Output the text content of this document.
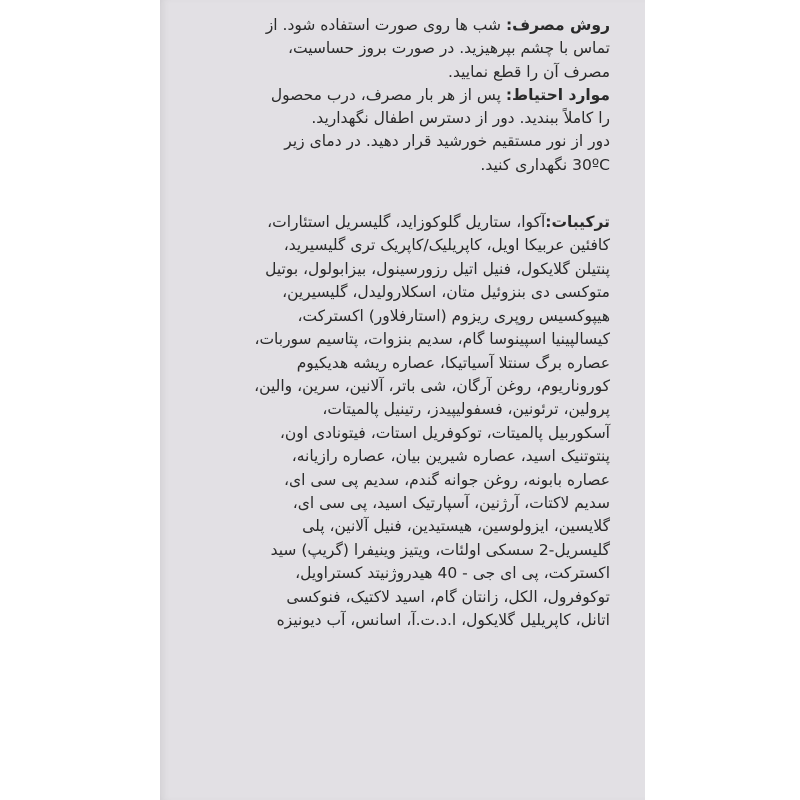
روش مصرف: شب ها روی صورت استفاده شود. از
تماس با چشم بپرهیزید. در صورت بروز حساسیت،
مصرف آن را قطع نمایید.
موارد احتیاط: پس از هر بار مصرف، درب محصول
را کاملاً ببندید. دور از دسترس اطفال نگهدارید.
دور از نور مستقیم خورشید قرار دهید. در دمای زیر
30ºC نگهداری کنید.
ترکیبات:آکوا، ستاریل گلوکوزاید، گلیسریل استئارات،
کافئین عربیکا اویل، کاپریلیک/کاپریک تری گلیسیرید،
پنتیلن گلایکول، فنیل اتیل رزورسینول، بیزابولول، بوتیل
متوکسی دی بنزوئیل متان، اسکلارولیدل، گلیسیرین،
هیپوکسیس روپری ریزوم (استارفلاور) اکسترکت،
کیسالپینیا اسپینوسا گام، سدیم بنزوات، پتاسیم سوربات،
عصاره برگ سنتلا آسیاتیکا، عصاره ریشه هدیکیوم
کوروناریوم، روغن آرگان، شی باتر، آلانین، سرین، والین،
پرولین، ترئونین، فسفولیپیدز، رتینیل پالمیتات،
آسکوربیل پالمیتات، توکوفریل استات، فیتونادی اون،
پنتوتنیک اسید، عصاره شیرین بیان، عصاره رازیانه،
عصاره بابونه، روغن جوانه گندم، سدیم پی سی ای،
سدیم لاکتات، آرژنین، آسپارتیک اسید، پی سی ای،
گلایسین، ایزولوسین، هیستیدین، فنیل آلانین، پلی
گلیسریل-2 سسکی اولئات، ویتیز وینیفرا (گریپ) سید
اکسترکت، پی ای جی - 40 هیدروژنیتد کستراویل،
توکوفرول، الکل، زانتان گام، اسید لاکتیک، فنوکسی
اتانل، کاپریلیل گلایکول، ا.د.ت.آ، اسانس، آب دیونیزه
